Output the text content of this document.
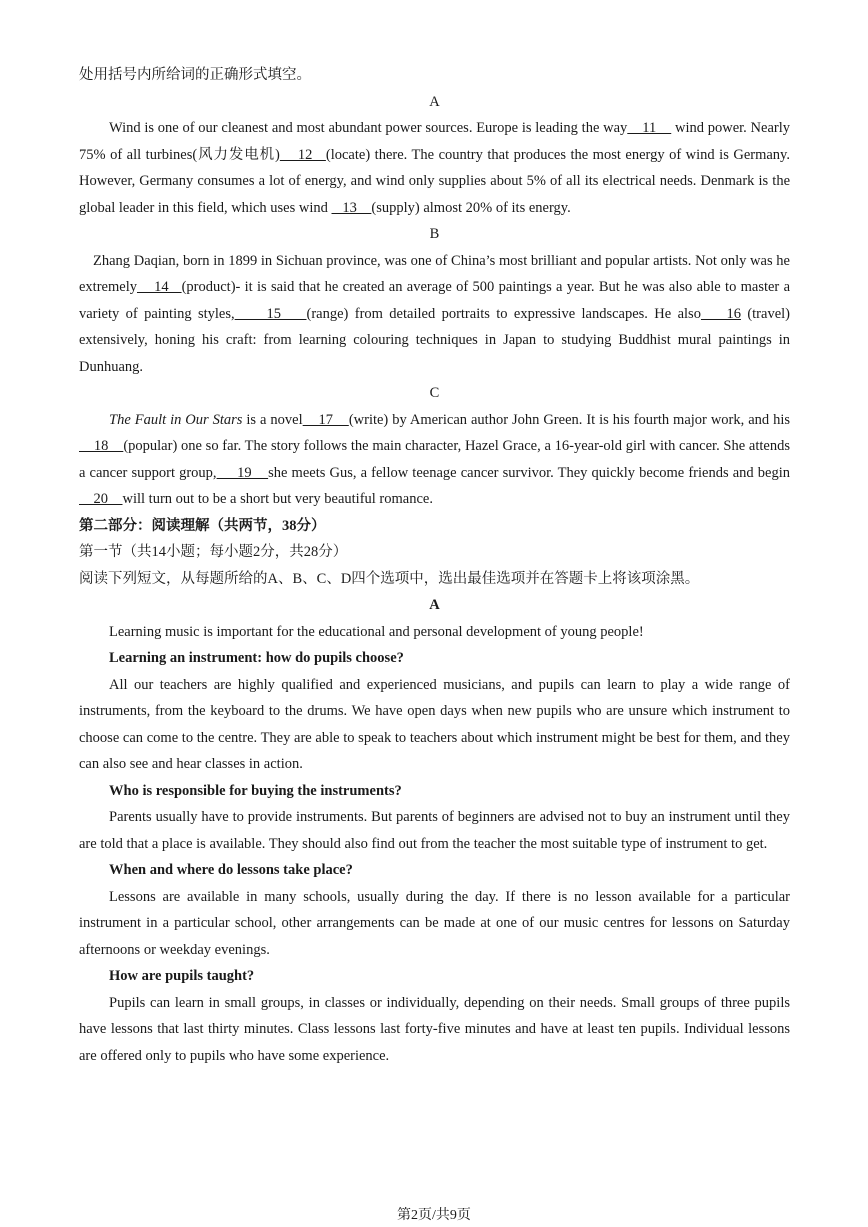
处用括号内所给词的正确形式填空。

A

Wind is one of our cleanest and most abundant power sources. Europe is leading the way    11     wind power. Nearly 75% of all turbines(风力发电机)    12   (locate) there. The country that produces the most energy of wind is Germany. However, Germany consumes a lot of energy, and wind only supplies about 5% of all its electrical needs. Denmark is the global leader in this field, which uses wind    13    (supply) almost 20% of its energy.

B

Zhang Daqian, born in 1899 in Sichuan province, was one of China’s most brilliant and popular artists. Not only was he extremely    14   (product)- it is said that he created an average of 500 paintings a year. But he was also able to master a variety of painting styles,     15    (range) from detailed portraits to expressive landscapes. He also    16 (travel) extensively, honing his craft: from learning colouring techniques in Japan to studying Buddhist mural paintings in Dunhuang.

C

The Fault in Our Stars is a novel    17    (write) by American author John Green. It is his fourth major work, and his    18    (popular) one so far. The story follows the main character, Hazel Grace, a 16-year-old girl with cancer. She attends a cancer support group,     19    she meets Gus, a fellow teenage cancer survivor. They quickly become friends and begin    20    will turn out to be a short but very beautiful romance.

第二部分：阅读理解（共两节，38分）

第一节（共14小题；每小题2分，共28分）

阅读下列短文，从每题所给的A、B、C、D四个选项中，选出最佳选项并在答题卡上将该项涂黑。

A

Learning music is important for the educational and personal development of young people!

Learning an instrument: how do pupils choose?

All our teachers are highly qualified and experienced musicians, and pupils can learn to play a wide range of instruments, from the keyboard to the drums. We have open days when new pupils who are unsure which instrument to choose can come to the centre. They are able to speak to teachers about which instrument might be best for them, and they can also see and hear classes in action.

Who is responsible for buying the instruments?

Parents usually have to provide instruments. But parents of beginners are advised not to buy an instrument until they are told that a place is available. They should also find out from the teacher the most suitable type of instrument to get.

When and where do lessons take place?

Lessons are available in many schools, usually during the day. If there is no lesson available for a particular instrument in a particular school, other arrangements can be made at one of our music centres for lessons on Saturday afternoons or weekday evenings.

How are pupils taught?

Pupils can learn in small groups, in classes or individually, depending on their needs. Small groups of three pupils have lessons that last thirty minutes. Class lessons last forty-five minutes and have at least ten pupils. Individual lessons are offered only to pupils who have some experience.

第2页/共9页
